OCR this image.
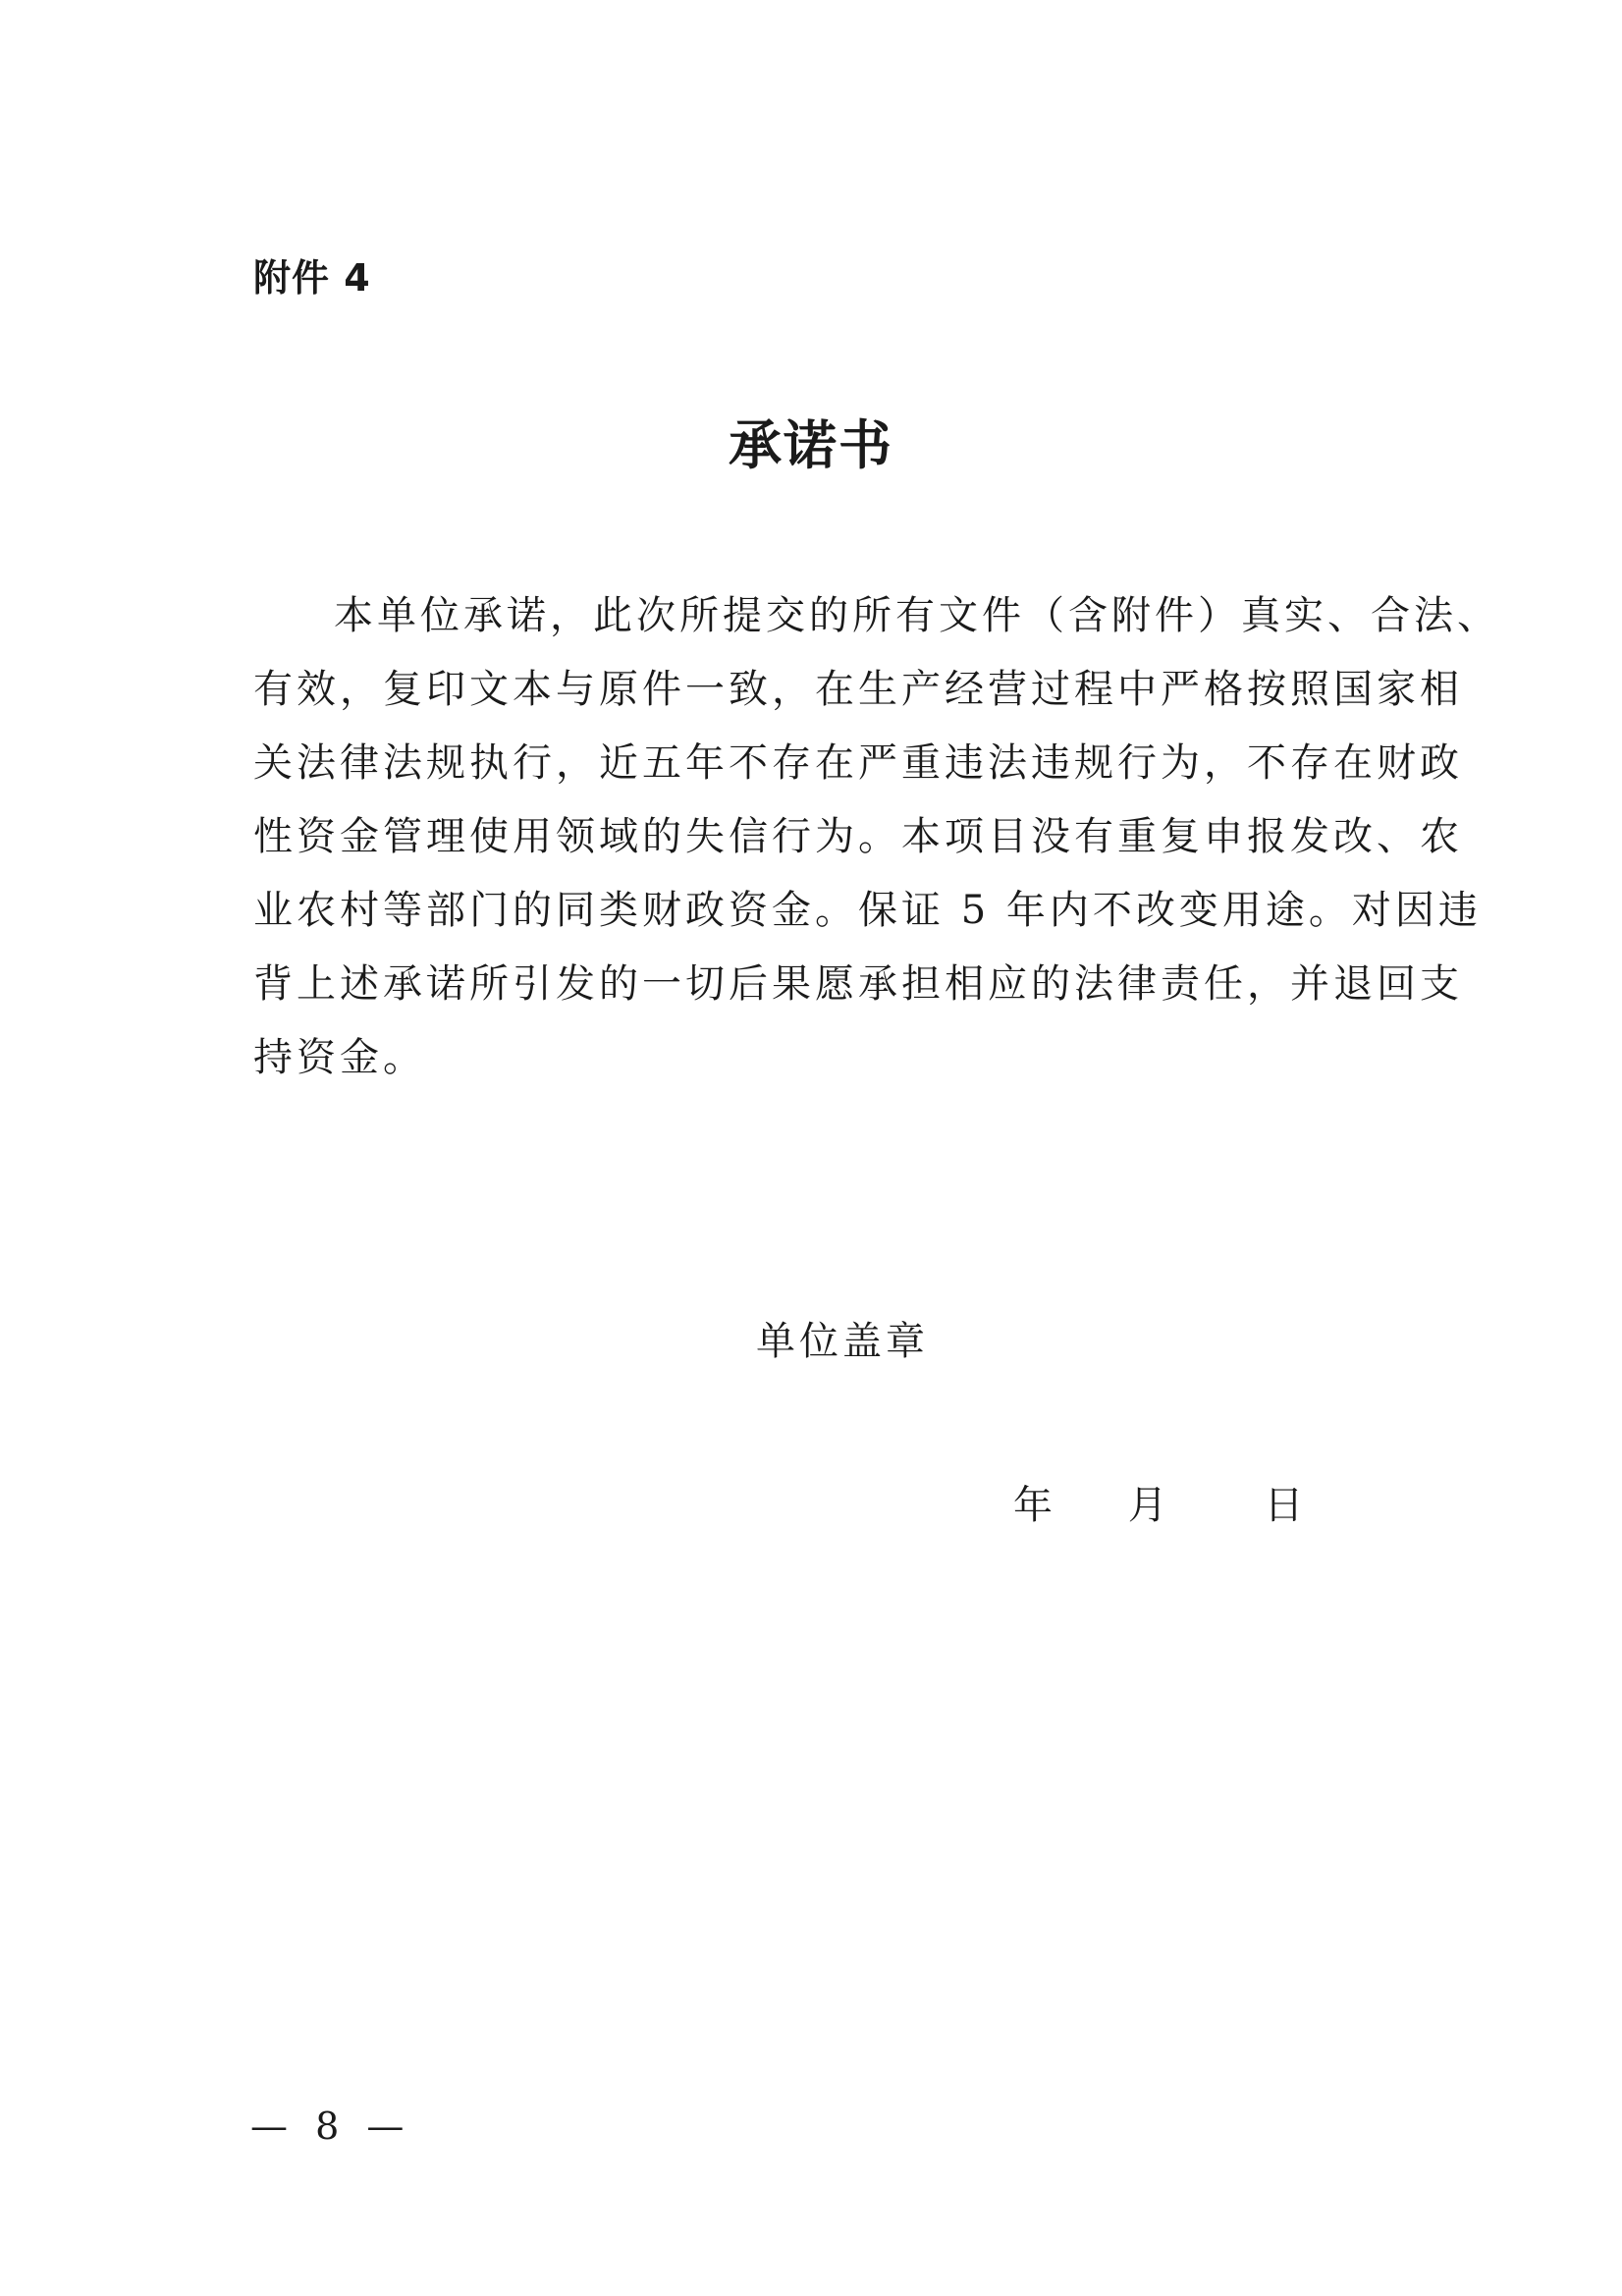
附件 4
承诺书
本单位承诺，此次所提交的所有文件（含附件）真实、合法、
有效，复印文本与原件一致，在生产经营过程中严格按照国家相
关法律法规执行，近五年不存在严重违法违规行为，不存在财政
性资金管理使用领域的失信行为。本项目没有重复申报发改、农
业农村等部门的同类财政资金。保证 5 年内不改变用途。对因违
背上述承诺所引发的一切后果愿承担相应的法律责任，并退回支
持资金。
单位盖章
年 月 日
— 8 —
